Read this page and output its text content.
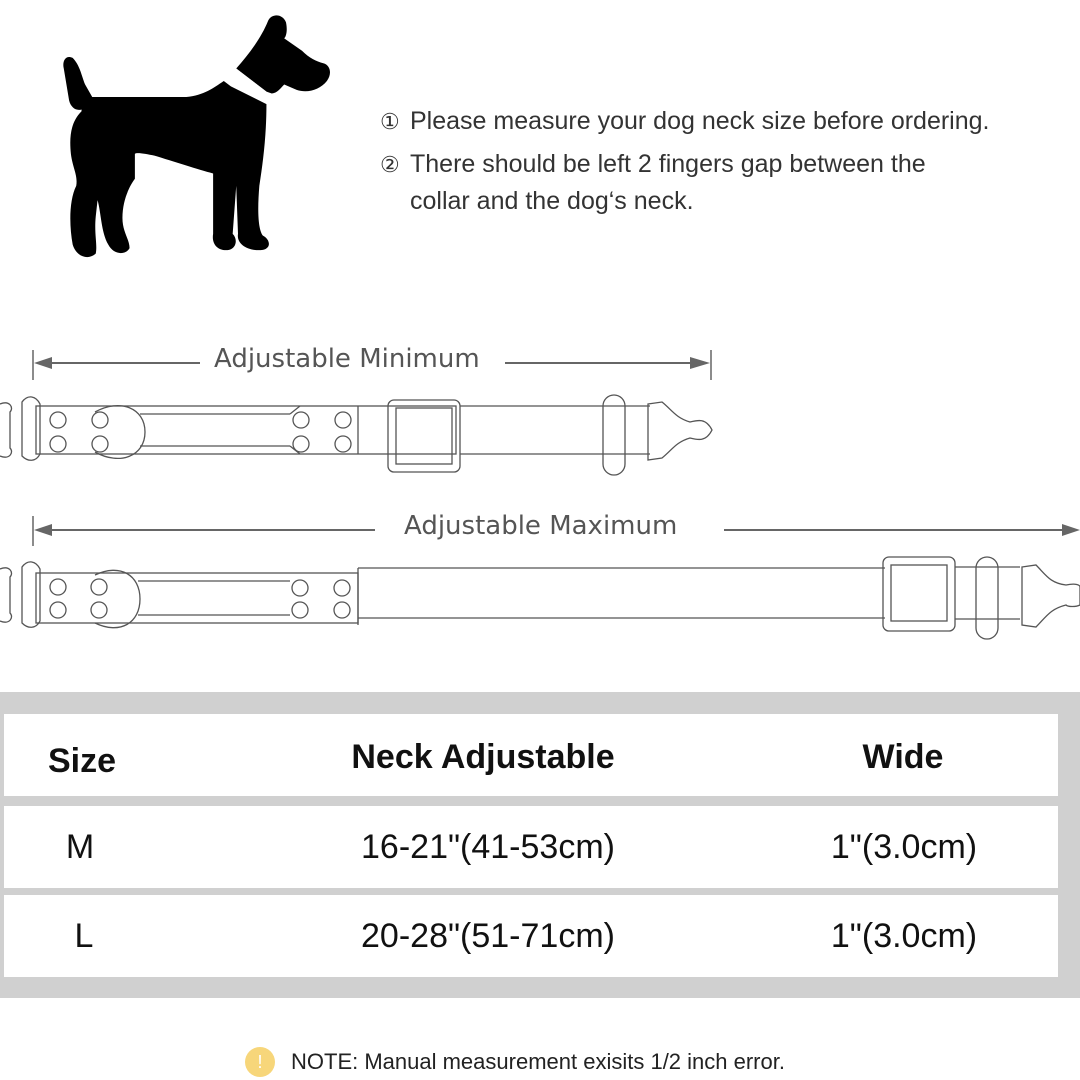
① Please measure your dog neck size before ordering.
② There should be left 2 fingers gap between the
collar and the dog‘s neck.
Adjustable Minimum
Adjustable Maximum
Size	Neck Adjustable	Wide
M	16-21"(41-53cm)	1"(3.0cm)
L	20-28"(51-71cm)	1"(3.0cm)
!	NOTE: Manual measurement exisits 1/2 inch error.
